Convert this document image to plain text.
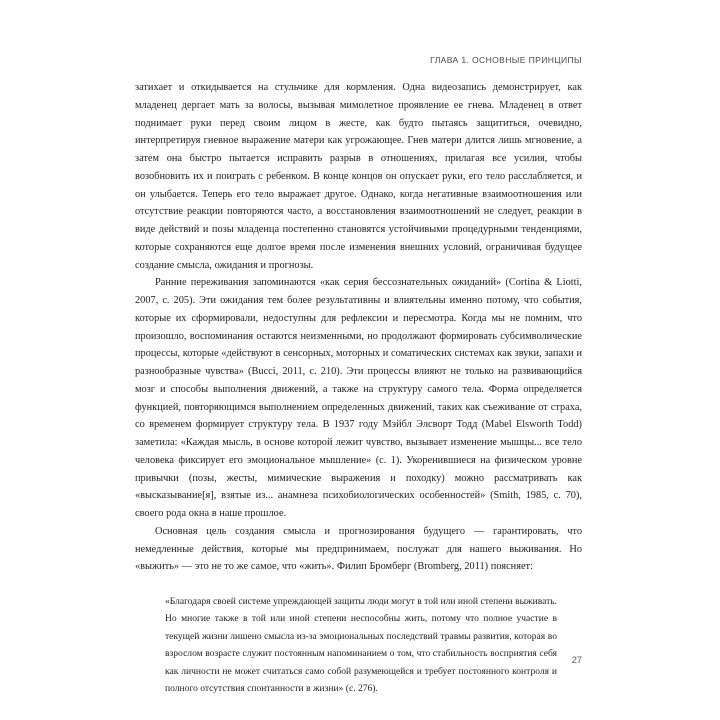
ГЛАВА 1. ОСНОВНЫЕ ПРИНЦИПЫ

затихает и откидывается на стульчике для кормления. Одна видеозапись демонстрирует, как младенец дергает мать за волосы, вызывая мимолетное проявление ее гнева. Младенец в ответ поднимает руки перед своим лицом в жесте, как будто пытаясь защититься, очевидно, интерпретируя гневное выражение матери как угрожающее. Гнев матери длится лишь мгновение, а затем она быстро пытается исправить разрыв в отношениях, прилагая все усилия, чтобы возобновить их и поиграть с ребенком. В конце концов он опускает руки, его тело расслабляется, и он улыбается. Теперь его тело выражает другое. Однако, когда негативные взаимоотношения или отсутствие реакции повторяются часто, а восстановления взаимоотношений не следует, реакции в виде действий и позы младенца постепенно становятся устойчивыми процедурными тенденциями, которые сохраняются еще долгое время после изменения внешних условий, ограничивая будущее создание смысла, ожидания и прогнозы.

Ранние переживания запоминаются «как серия бессознательных ожиданий» (Cortina & Liotti, 2007, с. 205). Эти ожидания тем более результативны и влиятельны именно потому, что события, которые их сформировали, недоступны для рефлексии и пересмотра. Когда мы не помним, что произошло, воспоминания остаются неизменными, но продолжают формировать субсимволические процессы, которые «действуют в сенсорных, моторных и соматических системах как звуки, запахи и разнообразные чувства» (Bucci, 2011, с. 210). Эти процессы влияют не только на развивающийся мозг и способы выполнения движений, а также на структуру самого тела. Форма определяется функцией, повторяющимся выполнением определенных движений, таких как съеживание от страха, со временем формирует структуру тела. В 1937 году Мэйбл Элсворт Тодд (Mabel Elsworth Todd) заметила: «Каждая мысль, в основе которой лежит чувство, вызывает изменение мышцы... все тело человека фиксирует его эмоциональное мышление» (с. 1). Укоренившиеся на физическом уровне привычки (позы, жесты, мимические выражения и походку) можно рассматривать как «высказывание[я], взятые из... анамнеза психобиологических особенностей» (Smith, 1985, с. 70), своего рода окна в наше прошлое.

Основная цель создания смысла и прогнозирования будущего — гарантировать, что немедленные действия, которые мы предпринимаем, послужат для нашего выживания. Но «выжить» — это не то же самое, что «жить». Филип Бромберг (Bromberg, 2011) поясняет:

«Благодаря своей системе упреждающей защиты люди могут в той или иной степени выживать. Но многие также в той или иной степени неспособны жить, потому что полное участие в текущей жизни лишено смысла из-за эмоциональных последствий травмы развития, которая во взрослом возрасте служит постоянным напоминанием о том, что стабильность восприятия себя как личности не может считаться само собой разумеющейся и требует постоянного контроля и полного отсутствия спонтанности в жизни» (с. 276).

27
